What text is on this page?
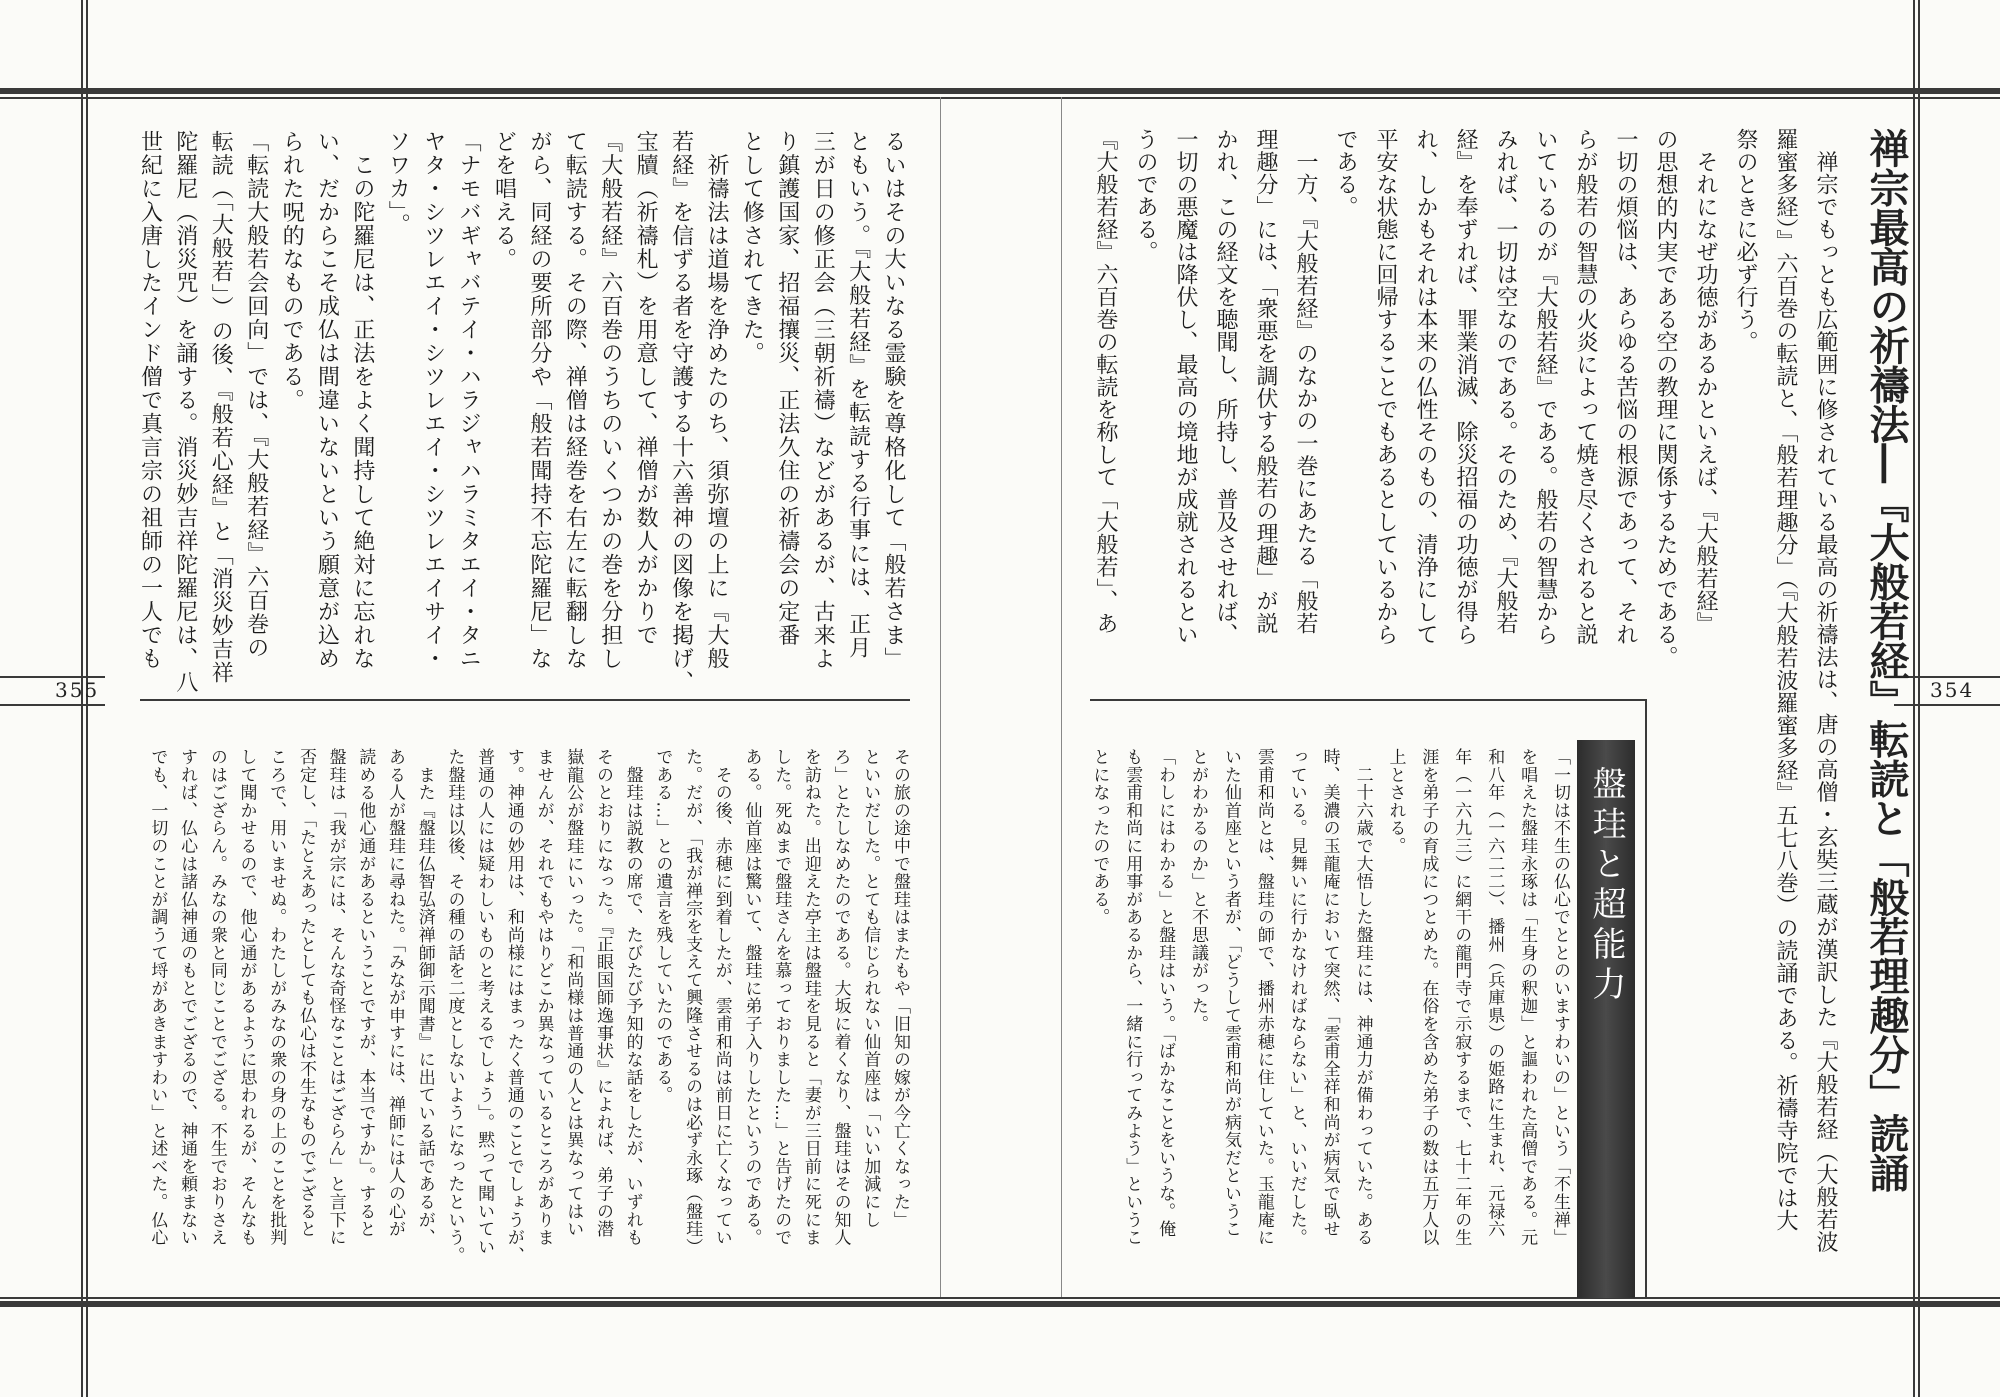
355	354
禅宗最高の祈禱法―『大般若経』転読と「般若理趣分」読誦
　禅宗でもっとも広範囲に修されている最高の祈禱法は、唐の高僧・玄奘三蔵が漢訳した『大般若経（大般若波
羅蜜多経）』六百巻の転読と、「般若理趣分」（『大般若波羅蜜多経』五七八巻）の読誦である。祈禱寺院では大
祭のときに必ず行う。
　それになぜ功徳があるかといえば、『大般若経』
の思想的内実である空の教理に関係するためである。
一切の煩悩は、あらゆる苦悩の根源であって、それ
らが般若の智慧の火炎によって焼き尽くされると説
いているのが『大般若経』である。般若の智慧から
みれば、一切は空なのである。そのため、『大般若
経』を奉ずれば、罪業消滅、除災招福の功徳が得ら
れ、しかもそれは本来の仏性そのもの、清浄にして
平安な状態に回帰することでもあるとしているから
である。
　一方、『大般若経』のなかの一巻にあたる「般若
理趣分」には、「衆悪を調伏する般若の理趣」が説
かれ、この経文を聴聞し、所持し、普及させれば、
一切の悪魔は降伏し、最高の境地が成就されるとい
うのである。
『大般若経』六百巻の転読を称して「大般若」、あ
盤珪と超能力
「一切は不生の仏心でととのいますわいの」という「不生禅」
を唱えた盤珪永琢は「生身の釈迦」と謳われた高僧である。元
和八年（一六二二）、播州（兵庫県）の姫路に生まれ、元禄六
年（一六九三）に網干の龍門寺で示寂するまで、七十二年の生
涯を弟子の育成につとめた。在俗を含めた弟子の数は五万人以
上とされる。
　二十六歳で大悟した盤珪には、神通力が備わっていた。ある
時、美濃の玉龍庵において突然、「雲甫全祥和尚が病気で臥せ
っている。見舞いに行かなければならない」と、いいだした。
雲甫和尚とは、盤珪の師で、播州赤穂に住していた。玉龍庵に
いた仙首座という者が、「どうして雲甫和尚が病気だというこ
とがわかるのか」と不思議がった。
「わしにはわかる」と盤珪はいう。「ばかなことをいうな。俺
も雲甫和尚に用事があるから、一緒に行ってみよう」というこ
とになったのである。
るいはその大いなる霊験を尊格化して「般若さま」
ともいう。『大般若経』を転読する行事には、正月
三が日の修正会（三朝祈禱）などがあるが、古来よ
り鎮護国家、招福攘災、正法久住の祈禱会の定番
として修されてきた。
　祈禱法は道場を浄めたのち、須弥壇の上に『大般
若経』を信ずる者を守護する十六善神の図像を掲げ、
宝牘（祈禱札）を用意して、禅僧が数人がかりで
『大般若経』六百巻のうちのいくつかの巻を分担し
て転読する。その際、禅僧は経巻を右左に転翻しな
がら、同経の要所部分や「般若聞持不忘陀羅尼」な
どを唱える。
「ナモバギャバテイ・ハラジャハラミタエイ・タニ
ヤタ・シツレエイ・シツレエイ・シツレエイサイ・
ソワカ」。
　この陀羅尼は、正法をよく聞持して絶対に忘れな
い、だからこそ成仏は間違いないという願意が込め
られた呪的なものである。
「転読大般若会回向」では、『大般若経』六百巻の
転読（「大般若」）の後、『般若心経』と「消災妙吉祥
陀羅尼（消災咒）を誦する。消災妙吉祥陀羅尼は、八
世紀に入唐したインド僧で真言宗の祖師の一人でも
その旅の途中で盤珪はまたもや「旧知の嫁が今亡くなった」
といいだした。とても信じられない仙首座は「いい加減にし
ろ」とたしなめたのである。大坂に着くなり、盤珪はその知人
を訪ねた。出迎えた亭主は盤珪を見ると「妻が三日前に死にま
した。死ぬまで盤珪さんを慕っておりました…」と告げたので
ある。仙首座は驚いて、盤珪に弟子入りしたというのである。
　その後、赤穂に到着したが、雲甫和尚は前日に亡くなってい
た。だが、「我が禅宗を支えて興隆させるのは必ず永琢（盤珪）
である…」との遺言を残していたのである。
　盤珪は説教の席で、たびたび予知的な話をしたが、いずれも
そのとおりになった。『正眼国師逸事状』によれば、弟子の潜
嶽龍公が盤珪にいった。「和尚様は普通の人とは異なってはい
ませんが、それでもやはりどこか異なっているところがありま
す。神通の妙用は、和尚様にはまったく普通のことでしょうが、
普通の人には疑わしいものと考えるでしょう」。黙って聞いてい
た盤珪は以後、その種の話を二度としないようになったという。
　また『盤珪仏智弘済禅師御示聞書』に出ている話であるが、
ある人が盤珪に尋ねた。「みなが申すには、禅師には人の心が
読める他心通があるということですが、本当ですか」。すると
盤珪は「我が宗には、そんな奇怪なことはござらん」と言下に
否定し、「たとえあったとしても仏心は不生なものでござると
ころで、用いませぬ。わたしがみなの衆の身の上のことを批判
して聞かせるので、他心通があるように思われるが、そんなも
のはござらん。みなの衆と同じことでござる。不生でおりさえ
すれば、仏心は諸仏神通のもとでござるので、神通を頼まない
でも、一切のことが調うて埒があきますわい」と述べた。仏心
